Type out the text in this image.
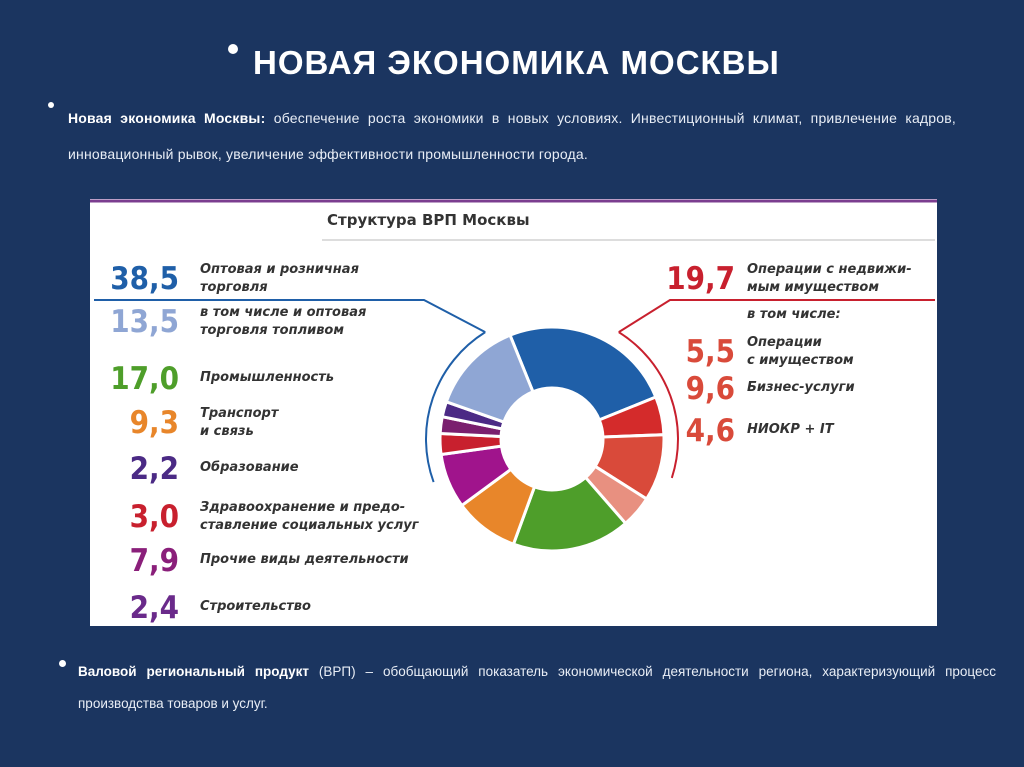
НОВАЯ ЭКОНОМИКА МОСКВЫ
Новая экономика Москвы: обеспечение роста экономики в новых условиях. Инвестиционный климат, привлечение кадров, инновационный рывок, увеличение эффективности промышленности города.
Структура ВРП Москвы
38,5 Оптовая и розничная
торговля
13,5 в том числе и оптовая
торговля топливом
17,0 Промышленность
9,3 Транспорт
и связь
2,2 Образование
3,0 Здравоохранение и предо-
ставление социальных услуг
7,9 Прочие виды деятельности
2,4 Строительство
19,7 Операции с недвижи-
мым имуществом
в том числе:
5,5 Операции
с имуществом
9,6 Бизнес-услуги
4,6 НИОКР + IT
Валовой региональный продукт (ВРП) – обобщающий показатель экономической деятельности региона, характеризующий процесс производства товаров и услуг.
